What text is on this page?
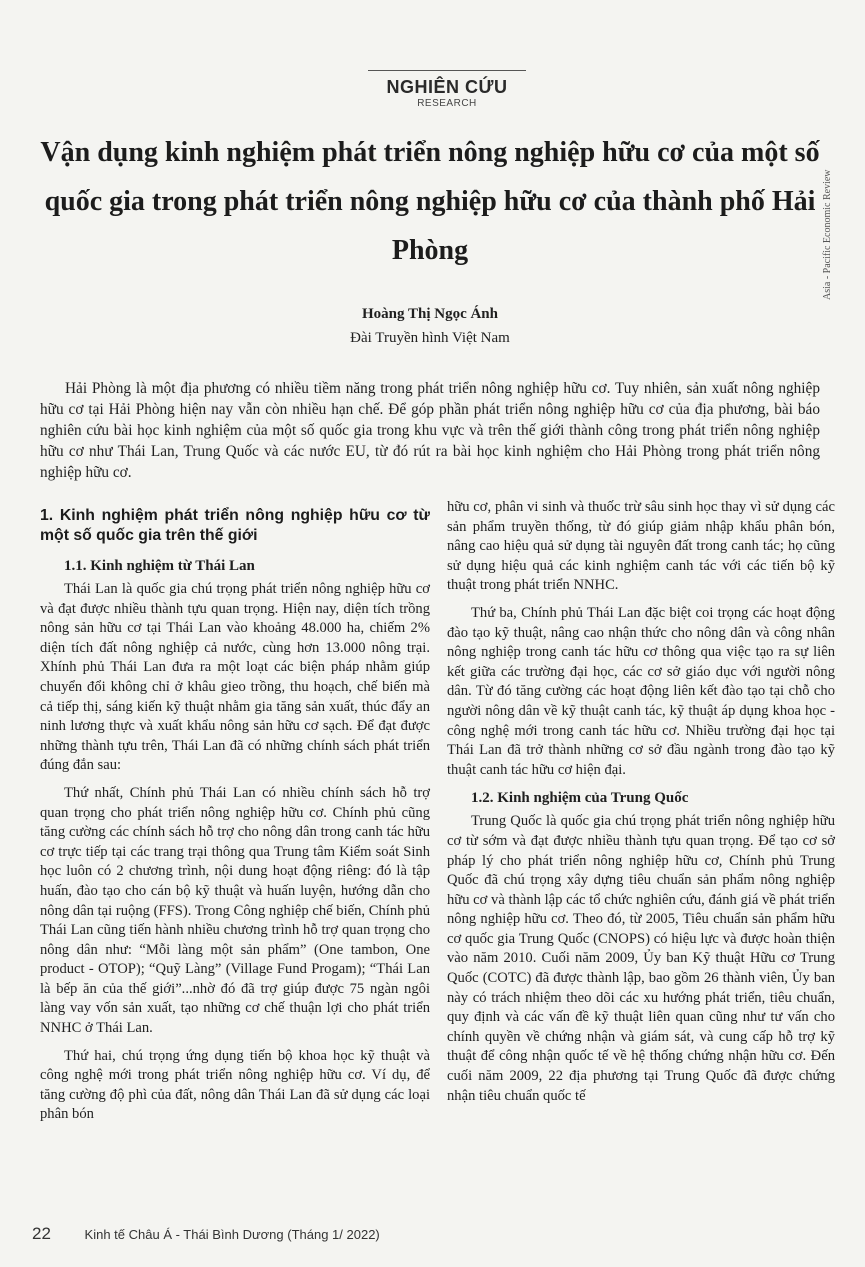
NGHIÊN CỨU
RESEARCH
Asia - Pacific Economic Review
Vận dụng kinh nghiệm phát triển nông nghiệp hữu cơ của một số quốc gia trong phát triển nông nghiệp hữu cơ của thành phố Hải Phòng
Hoàng Thị Ngọc Ánh
Đài Truyền hình Việt Nam
Hải Phòng là một địa phương có nhiều tiềm năng trong phát triển nông nghiệp hữu cơ. Tuy nhiên, sản xuất nông nghiệp hữu cơ tại Hải Phòng hiện nay vẫn còn nhiều hạn chế. Để góp phần phát triển nông nghiệp hữu cơ của địa phương, bài báo nghiên cứu bài học kinh nghiệm của một số quốc gia trong khu vực và trên thế giới thành công trong phát triển nông nghiệp hữu cơ như Thái Lan, Trung Quốc và các nước EU, từ đó rút ra bài học kinh nghiệm cho Hải Phòng trong phát triển nông nghiệp hữu cơ.
1. Kinh nghiệm phát triển nông nghiệp hữu cơ từ một số quốc gia trên thế giới
1.1. Kinh nghiệm từ Thái Lan

Thái Lan là quốc gia chú trọng phát triển nông nghiệp hữu cơ và đạt được nhiều thành tựu quan trọng. Hiện nay, diện tích trồng nông sản hữu cơ tại Thái Lan vào khoảng 48.000 ha, chiếm 2% diện tích đất nông nghiệp cả nước, cùng hơn 13.000 nông trại. Xhính phủ Thái Lan đưa ra một loạt các biện pháp nhằm giúp chuyển đổi không chỉ ở khâu gieo trồng, thu hoạch, chế biến mà cả tiếp thị, sáng kiến kỹ thuật nhằm gia tăng sản xuất, thúc đẩy an ninh lương thực và xuất khẩu nông sản hữu cơ sạch. Để đạt được những thành tựu trên, Thái Lan đã có những chính sách phát triển đúng đắn sau:

Thứ nhất, Chính phủ Thái Lan có nhiều chính sách hỗ trợ quan trọng cho phát triển nông nghiệp hữu cơ. Chính phủ cũng tăng cường các chính sách hỗ trợ cho nông dân trong canh tác hữu cơ trực tiếp tại các trang trại thông qua Trung tâm Kiểm soát Sinh học luôn có 2 chương trình, nội dung hoạt động riêng: đó là tập huấn, đào tạo cho cán bộ kỹ thuật và huấn luyện, hướng dẫn cho nông dân tại ruộng (FFS). Trong Công nghiệp chế biến, Chính phủ Thái Lan cũng tiến hành nhiều chương trình hỗ trợ quan trọng cho nông dân như: “Mỗi làng một sản phẩm” (One tambon, One product - OTOP); “Quỹ Làng” (Village Fund Progam); “Thái Lan là bếp ăn của thế giới”...nhờ đó đã trợ giúp được 75 ngàn ngôi làng vay vốn sản xuất, tạo những cơ chế thuận lợi cho phát triển NNHC ở Thái Lan.

Thứ hai, chú trọng ứng dụng tiến bộ khoa học kỹ thuật và công nghệ mới trong phát triển nông nghiệp hữu cơ. Ví dụ, để tăng cường độ phì của đất, nông dân Thái Lan đã sử dụng các loại phân bón

hữu cơ, phân vi sinh và thuốc trừ sâu sinh học thay vì sử dụng các sản phẩm truyền thống, từ đó giúp giảm nhập khẩu phân bón, nâng cao hiệu quả sử dụng tài nguyên đất trong canh tác; họ cũng sử dụng hiệu quả các kinh nghiệm canh tác với các tiến bộ kỹ thuật trong phát triển NNHC.

Thứ ba, Chính phủ Thái Lan đặc biệt coi trọng các hoạt động đào tạo kỹ thuật, nâng cao nhận thức cho nông dân và công nhân nông nghiệp trong canh tác hữu cơ thông qua việc tạo ra sự liên kết giữa các trường đại học, các cơ sở giáo dục với người nông dân. Từ đó tăng cường các hoạt động liên kết đào tạo tại chỗ cho người nông dân về kỹ thuật canh tác, kỹ thuật áp dụng khoa học -công nghệ mới trong canh tác hữu cơ. Nhiều trường đại học tại Thái Lan đã trở thành những cơ sở đầu ngành trong đào tạo kỹ thuật canh tác hữu cơ hiện đại.

1.2. Kinh nghiệm của Trung Quốc

Trung Quốc là quốc gia chú trọng phát triển nông nghiệp hữu cơ từ sớm và đạt được nhiều thành tựu quan trọng. Để tạo cơ sở pháp lý cho phát triển nông nghiệp hữu cơ, Chính phủ Trung Quốc đã chú trọng xây dựng tiêu chuẩn sản phẩm nông nghiệp hữu cơ và thành lập các tổ chức nghiên cứu, đánh giá về phát triển nông nghiệp hữu cơ. Theo đó, từ 2005, Tiêu chuẩn sản phẩm hữu cơ quốc gia Trung Quốc (CNOPS) có hiệu lực và được hoàn thiện vào năm 2010. Cuối năm 2009, Ủy ban Kỹ thuật Hữu cơ Trung Quốc (COTC) đã được thành lập, bao gồm 26 thành viên, Ủy ban này có trách nhiệm theo dõi các xu hướng phát triển, tiêu chuẩn, quy định và các vấn đề kỹ thuật liên quan cũng như tư vấn cho chính quyền về chứng nhận và giám sát, và cung cấp hỗ trợ kỹ thuật để công nhận quốc tế về hệ thống chứng nhận hữu cơ. Đến cuối năm 2009, 22 địa phương tại Trung Quốc đã được chứng nhận tiêu chuẩn quốc tế

22	Kinh tế Châu Á - Thái Bình Dương (Tháng 1/ 2022)
